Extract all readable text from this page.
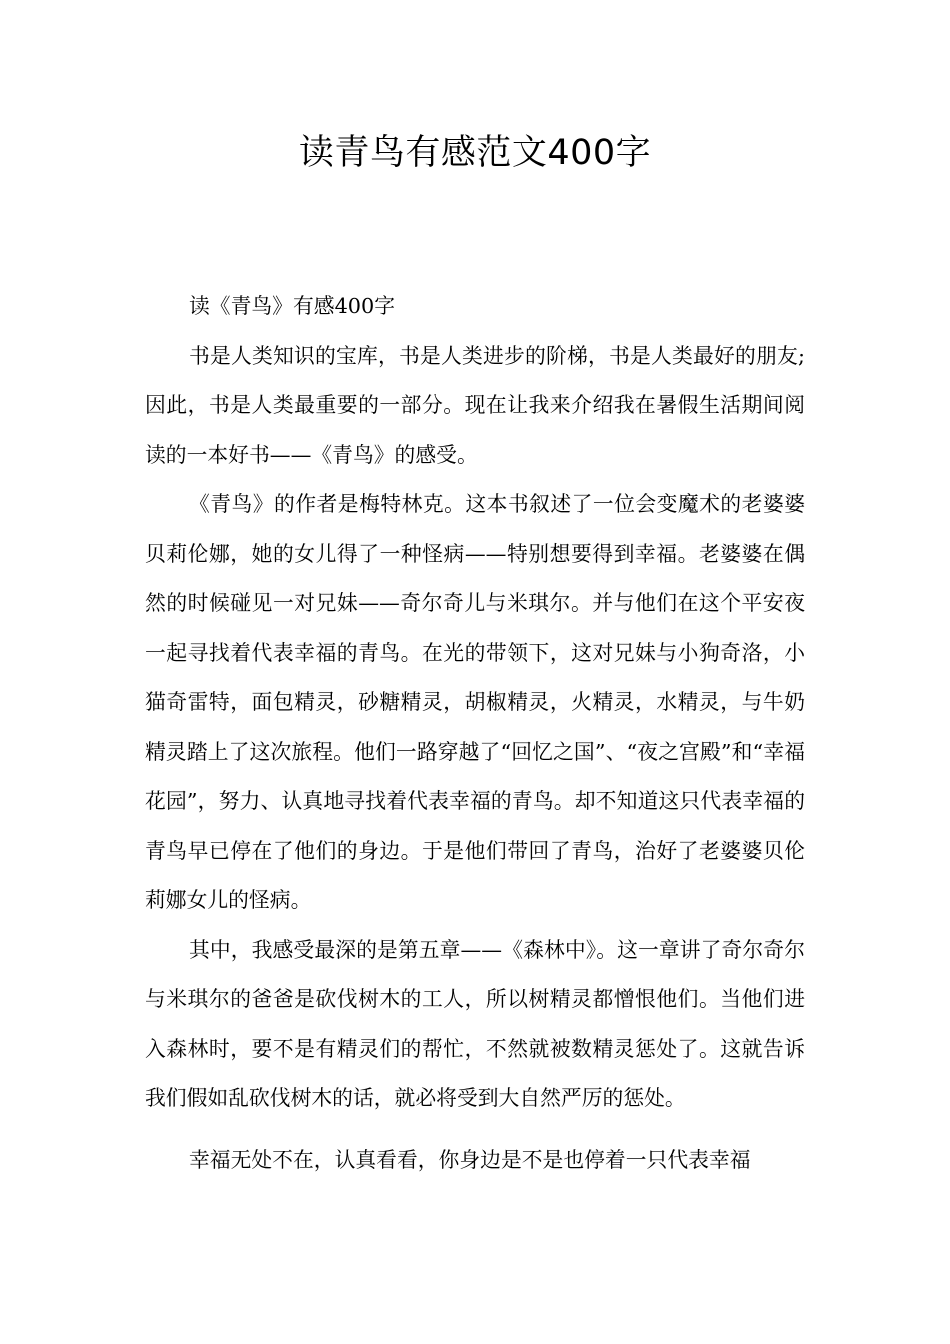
读青鸟有感范文400字

读《青鸟》有感400字

书是人类知识的宝库，书是人类进步的阶梯，书是人类最好的朋友;因此，书是人类最重要的一部分。现在让我来介绍我在暑假生活期间阅读的一本好书——《青鸟》的感受。

《青鸟》的作者是梅特林克。这本书叙述了一位会变魔术的老婆婆贝莉伦娜，她的女儿得了一种怪病——特别想要得到幸福。老婆婆在偶然的时候碰见一对兄妹——奇尔奇儿与米琪尔。并与他们在这个平安夜一起寻找着代表幸福的青鸟。在光的带领下，这对兄妹与小狗奇洛，小猫奇雷特，面包精灵，砂糖精灵，胡椒精灵，火精灵，水精灵，与牛奶精灵踏上了这次旅程。他们一路穿越了“回忆之国”、“夜之宫殿”和“幸福花园”，努力、认真地寻找着代表幸福的青鸟。却不知道这只代表幸福的青鸟早已停在了他们的身边。于是他们带回了青鸟，治好了老婆婆贝伦莉娜女儿的怪病。

其中，我感受最深的是第五章——《森林中》。这一章讲了奇尔奇尔与米琪尔的爸爸是砍伐树木的工人，所以树精灵都憎恨他们。当他们进入森林时，要不是有精灵们的帮忙，不然就被数精灵惩处了。这就告诉我们假如乱砍伐树木的话，就必将受到大自然严厉的惩处。

幸福无处不在，认真看看，你身边是不是也停着一只代表幸福
